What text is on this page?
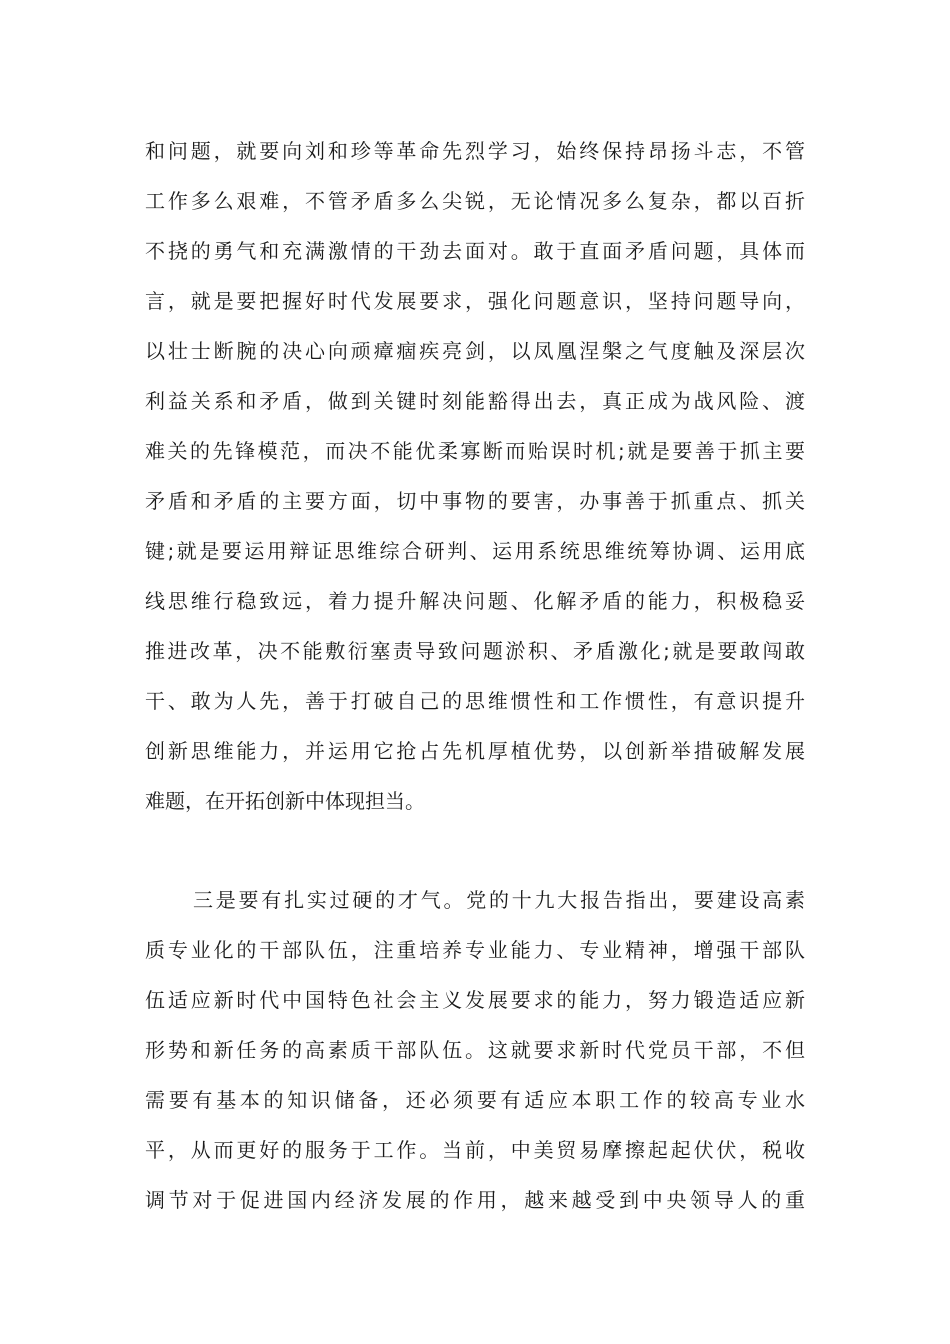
和问题，就要向刘和珍等革命先烈学习，始终保持昂扬斗志，不管
工作多么艰难，不管矛盾多么尖锐，无论情况多么复杂，都以百折
不挠的勇气和充满激情的干劲去面对。敢于直面矛盾问题，具体而
言，就是要把握好时代发展要求，强化问题意识，坚持问题导向，
以壮士断腕的决心向顽瘴痼疾亮剑，以凤凰涅槃之气度触及深层次
利益关系和矛盾，做到关键时刻能豁得出去，真正成为战风险、渡
难关的先锋模范，而决不能优柔寡断而贻误时机;就是要善于抓主要
矛盾和矛盾的主要方面，切中事物的要害，办事善于抓重点、抓关
键;就是要运用辩证思维综合研判、运用系统思维统筹协调、运用底
线思维行稳致远，着力提升解决问题、化解矛盾的能力，积极稳妥
推进改革，决不能敷衍塞责导致问题淤积、矛盾激化;就是要敢闯敢
干、敢为人先，善于打破自己的思维惯性和工作惯性，有意识提升
创新思维能力，并运用它抢占先机厚植优势，以创新举措破解发展
难题，在开拓创新中体现担当。
三是要有扎实过硬的才气。党的十九大报告指出，要建设高素
质专业化的干部队伍，注重培养专业能力、专业精神，增强干部队
伍适应新时代中国特色社会主义发展要求的能力，努力锻造适应新
形势和新任务的高素质干部队伍。这就要求新时代党员干部，不但
需要有基本的知识储备，还必须要有适应本职工作的较高专业水
平，从而更好的服务于工作。当前，中美贸易摩擦起起伏伏，税收
调节对于促进国内经济发展的作用，越来越受到中央领导人的重
